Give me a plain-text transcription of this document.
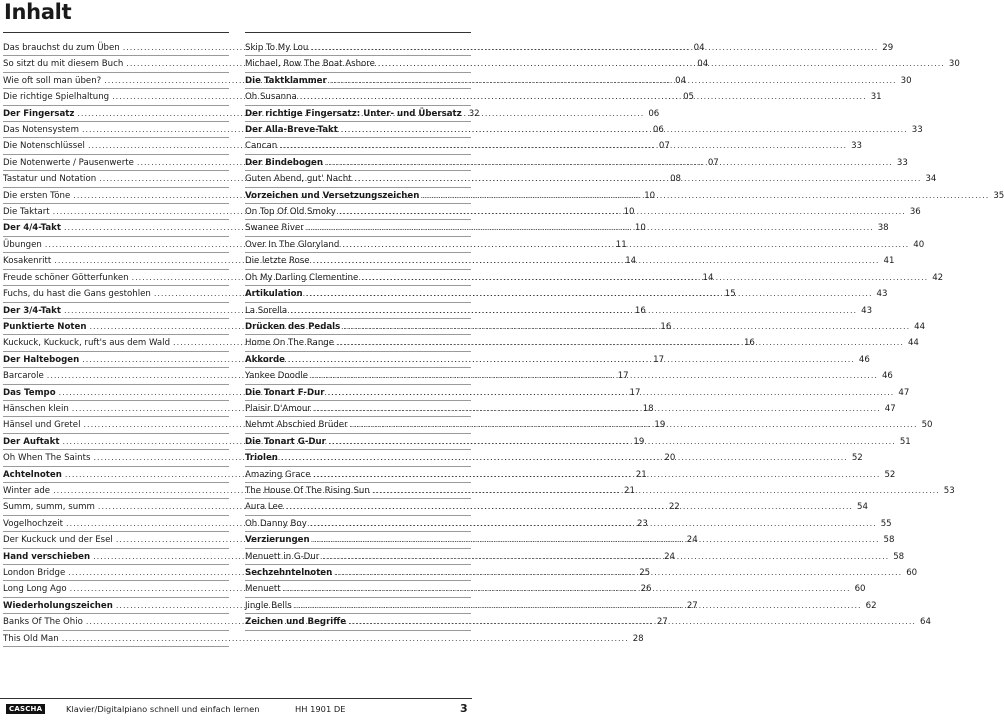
Inhalt
Das brauchst du zum Üben .....	04
So sitzt du mit diesem Buch .....	04
Wie oft soll man üben? .....	04
Die richtige Spielhaltung .....	05
Der Fingersatz .....	06
Das Notensystem .....	06
Die Notenschlüssel .....	07
Die Notenwerte / Pausenwerte .....	07
Tastatur und Notation .....	08
Die ersten Töne .....	10
Die Taktart .....	10
Der 4/4-Takt .....	10
Übungen .....	11
Kosakenritt .....	14
Freude schöner Götterfunken .....	14
Fuchs, du hast die Gans gestohlen .....	15
Der 3/4-Takt .....	16
Punktierte Noten .....	16
Kuckuck, Kuckuck, ruft's aus dem Wald .....	16
Der Haltebogen .....	17
Barcarole .....	17
Das Tempo .....	17
Hänschen klein .....	18
Hänsel und Gretel .....	19
Der Auftakt .....	19
Oh When The Saints .....	20
Achtelnoten .....	21
Winter ade .....	21
Summ, summ, summ .....	22
Vogelhochzeit .....	23
Der Kuckuck und der Esel .....	24
Hand verschieben .....	24
London Bridge .....	25
Long Long Ago .....	26
Wiederholungszeichen .....	27
Banks Of The Ohio .....	27
This Old Man .....	28
Skip To My Lou .....	29
Michael, Row The Boat Ashore .....	30
Die Taktklammer .....	30
Oh Susanna .....	31
Der richtige Fingersatz: Unter- und Übersatz 32
Der Alla-Breve-Takt .....	33
Cancan .....	33
Der Bindebogen .....	33
Guten Abend, gut' Nacht .....	34
Vorzeichen und Versetzungszeichen .....	35
On Top Of Old Smoky .....	36
Swanee River .....	38
Over In The Gloryland .....	40
Die letzte Rose .....	41
Oh My Darling Clementine .....	42
Artikulation .....	43
La Sorella .....	43
Drücken des Pedals .....	44
Home On The Range .....	44
Akkorde .....	46
Yankee Doodle .....	46
Die Tonart F-Dur .....	47
Plaisir D'Amour .....	47
Nehmt Abschied Brüder .....	50
Die Tonart G-Dur .....	51
Triolen .....	52
Amazing Grace .....	52
The House Of The Rising Sun .....	53
Aura Lee .....	54
Oh Danny Boy .....	55
Verzierungen .....	58
Menuett in G-Dur .....	58
Sechzehntelnoten .....	60
Menuett .....	60
Jingle Bells .....	62
Zeichen und Begriffe .....	64
CASCHA	Klavier/Digitalpiano schnell und einfach lernen	HH 1901 DE	3
